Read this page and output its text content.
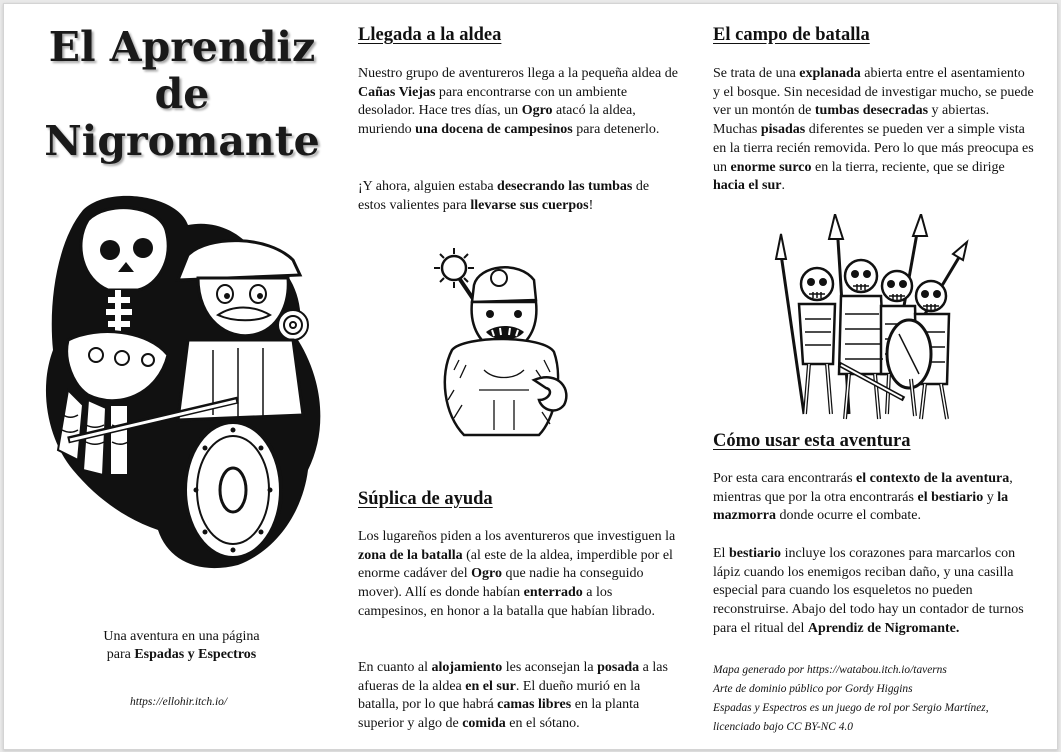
El Aprendiz
de
Nigromante
Una aventura en una página
para Espadas y Espectros
https://ellohir.itch.io/
Llegada a la aldea

Nuestro grupo de aventureros llega a la pequeña aldea de Cañas Viejas para encontrarse con un ambiente desolador. Hace tres días, un Ogro atacó la aldea, muriendo una docena de campesinos para detenerlo.

¡Y ahora, alguien estaba desecrando las tumbas de estos valientes para llevarse sus cuerpos!

Súplica de ayuda

Los lugareños piden a los aventureros que investiguen la zona de la batalla (al este de la aldea, imperdible por el enorme cadáver del Ogro que nadie ha conseguido mover). Allí es donde habían enterrado a los campesinos, en honor a la batalla que habían librado.

En cuanto al alojamiento les aconsejan la posada a las afueras de la aldea en el sur. El dueño murió en la batalla, por lo que habrá camas libres en la planta superior y algo de comida en el sótano.

El campo de batalla

Se trata de una explanada abierta entre el asentamiento y el bosque. Sin necesidad de investigar mucho, se puede ver un montón de tumbas desecradas y abiertas. Muchas pisadas diferentes se pueden ver a simple vista en la tierra recién removida. Pero lo que más preocupa es un enorme surco en la tierra, reciente, que se dirige hacia el sur.

Cómo usar esta aventura

Por esta cara encontrarás el contexto de la aventura, mientras que por la otra encontrarás el bestiario y la mazmorra donde ocurre el combate.

El bestiario incluye los corazones para marcarlos con lápiz cuando los enemigos reciban daño, y una casilla especial para cuando los esqueletos no pueden reconstruirse. Abajo del todo hay un contador de turnos para el ritual del Aprendiz de Nigromante.

Mapa generado por https://watabou.itch.io/taverns
Arte de dominio público por Gordy Higgins
Espadas y Espectros es un juego de rol por Sergio Martínez,
licenciado bajo CC BY-NC 4.0
